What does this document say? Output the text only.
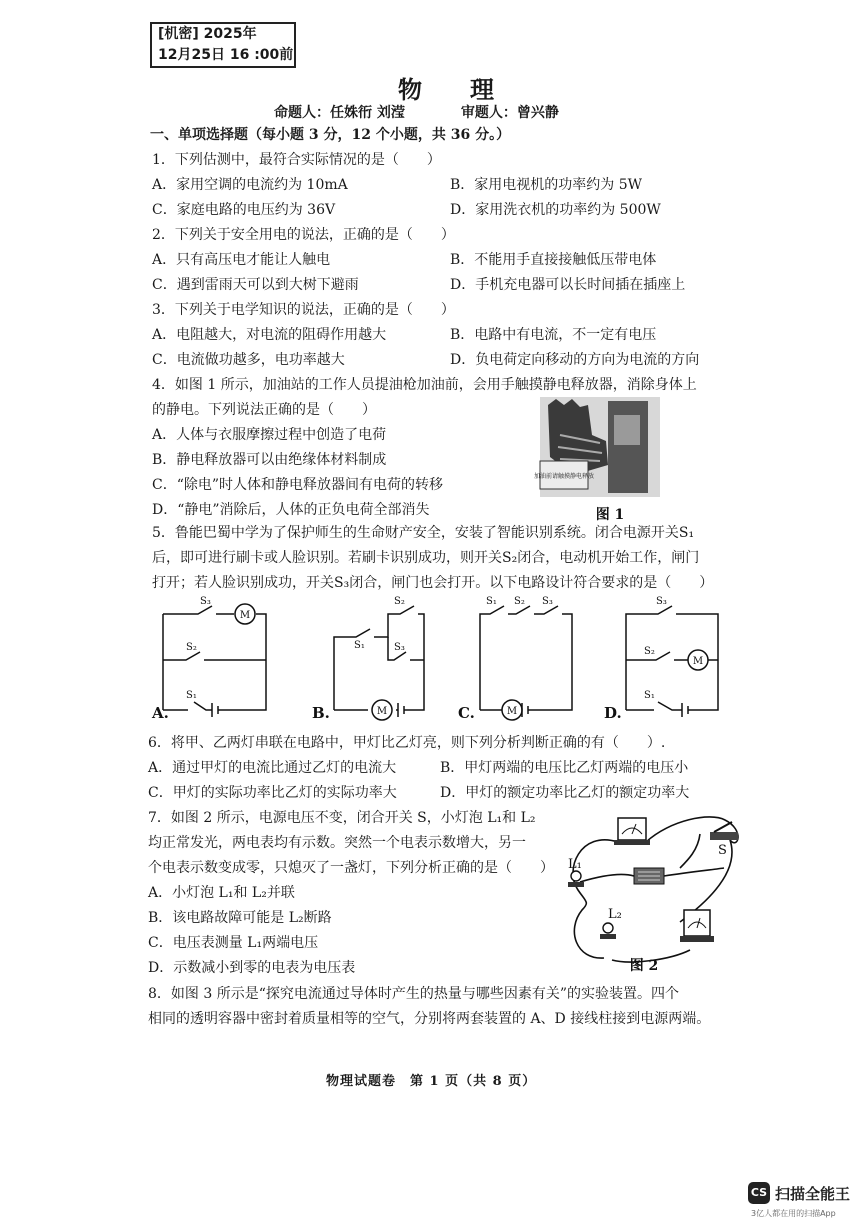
[机密] 2025年
12月25日 16 :00前
物理
命题人：任姝衎 刘滢	审题人：曾兴静
一、单项选择题（每小题 3 分，12 个小题，共 36 分。）
1．下列估测中，最符合实际情况的是（　　）
A．家用空调的电流约为 10mA	B．家用电视机的功率约为 5W
C．家庭电路的电压约为 36V	D．家用洗衣机的功率约为 500W
2．下列关于安全用电的说法，正确的是（　　）
A．只有高压电才能让人触电	B．不能用手直接接触低压带电体
C．遇到雷雨天可以到大树下避雨	D．手机充电器可以长时间插在插座上
3．下列关于电学知识的说法，正确的是（　　）
A．电阻越大，对电流的阻碍作用越大	B．电路中有电流，不一定有电压
C．电流做功越多，电功率越大	D．负电荷定向移动的方向为电流的方向
4．如图 1 所示，加油站的工作人员提油枪加油前，会用手触摸静电释放器，消除身体上
的静电。下列说法正确的是（　　）
A．人体与衣服摩擦过程中创造了电荷
B．静电释放器可以由绝缘体材料制成
C．“除电”时人体和静电释放器间有电荷的转移
D．“静电”消除后，人体的正负电荷全部消失
加油前请触摸静电释放
图 1
5．鲁能巴蜀中学为了保护师生的生命财产安全，安装了智能识别系统。闭合电源开关S₁
后，即可进行刷卡或人脸识别。若刷卡识别成功，则开关S₂闭合，电动机开始工作，闸门
打开；若人脸识别成功，开关S₃闭合，闸门也会打开。以下电路设计符合要求的是（　　）
S₃
S₂
S₁
M
S₁
S₂
S₃
M
S₁ S₂ S₃
M
S₃
S₂
S₁
M
A.	B.	C.	D.
6．将甲、乙两灯串联在电路中，甲灯比乙灯亮，则下列分析判断正确的有（　　）.
A．通过甲灯的电流比通过乙灯的电流大	B．甲灯两端的电压比乙灯两端的电压小
C．甲灯的实际功率比乙灯的实际功率大	D．甲灯的额定功率比乙灯的额定功率大
7．如图 2 所示，电源电压不变，闭合开关 S，小灯泡 L₁和 L₂
均正常发光，两电表均有示数。突然一个电表示数增大，另一
个电表示数变成零，只熄灭了一盏灯，下列分析正确的是（　　）
A．小灯泡 L₁和 L₂并联
B．该电路故障可能是 L₂断路
C．电压表测量 L₁两端电压
D．示数减小到零的电表为电压表
L₁
L₂
S
图 2
8．如图 3 所示是“探究电流通过导体时产生的热量与哪些因素有关”的实验装置。四个
相同的透明容器中密封着质量相等的空气，分别将两套装置的 A、D 接线柱接到电源两端。
物理试题卷　第 1 页（共 8 页）
CS 扫描全能王
3亿人都在用的扫描App
